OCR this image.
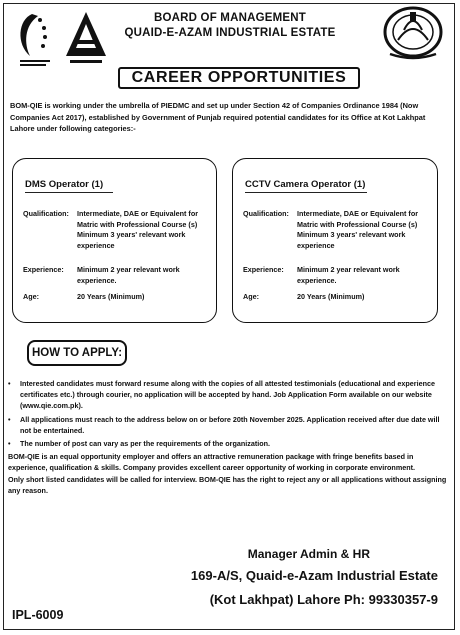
BOARD OF MANAGEMENT
QUAID-E-AZAM INDUSTRIAL ESTATE
CAREER OPPORTUNITIES
BOM-QIE is working under the umbrella of PIEDMC and set up under Section 42 of Companies Ordinance 1984 (Now Companies Act 2017), established by Government of Punjab required potential candidates for its Office at Kot Lakhpat Lahore under following categories:-
DMS Operator (1)
Qualification: Intermediate, DAE or Equivalent for Matric with Professional Course (s) Minimum 3 years' relevant work experience
Experience: Minimum 2 year relevant work experience.
Age:	20 Years (Minimum)
CCTV Camera Operator (1)
Qualification: Intermediate, DAE or Equivalent for Matric with Professional Course (s) Minimum 3 years' relevant work experience
Experience: Minimum 2 year relevant work experience.
Age:	20 Years (Minimum)
HOW TO APPLY:
• Interested candidates must forward resume along with the copies of all attested testimonials (educational and experience certificates etc.) through courier, no application will be accepted by hand. Job Application Form available on our website (www.qie.com.pk).
• All applications must reach to the address below on or before 20th November 2025. Application received after due date will not be entertained.
• The number of post can vary as per the requirements of the organization.

BOM-QIE is an equal opportunity employer and offers an attractive remuneration package with fringe benefits based in experience, qualification & skills. Company provides excellent career opportunity of working in corporate environment.

Only short listed candidates will be called for interview. BOM-QIE has the right to reject any or all applications without assigning any reason.

Manager Admin & HR
169-A/S, Quaid-e-Azam Industrial Estate
(Kot Lakhpat) Lahore Ph: 99330357-9
IPL-6009
